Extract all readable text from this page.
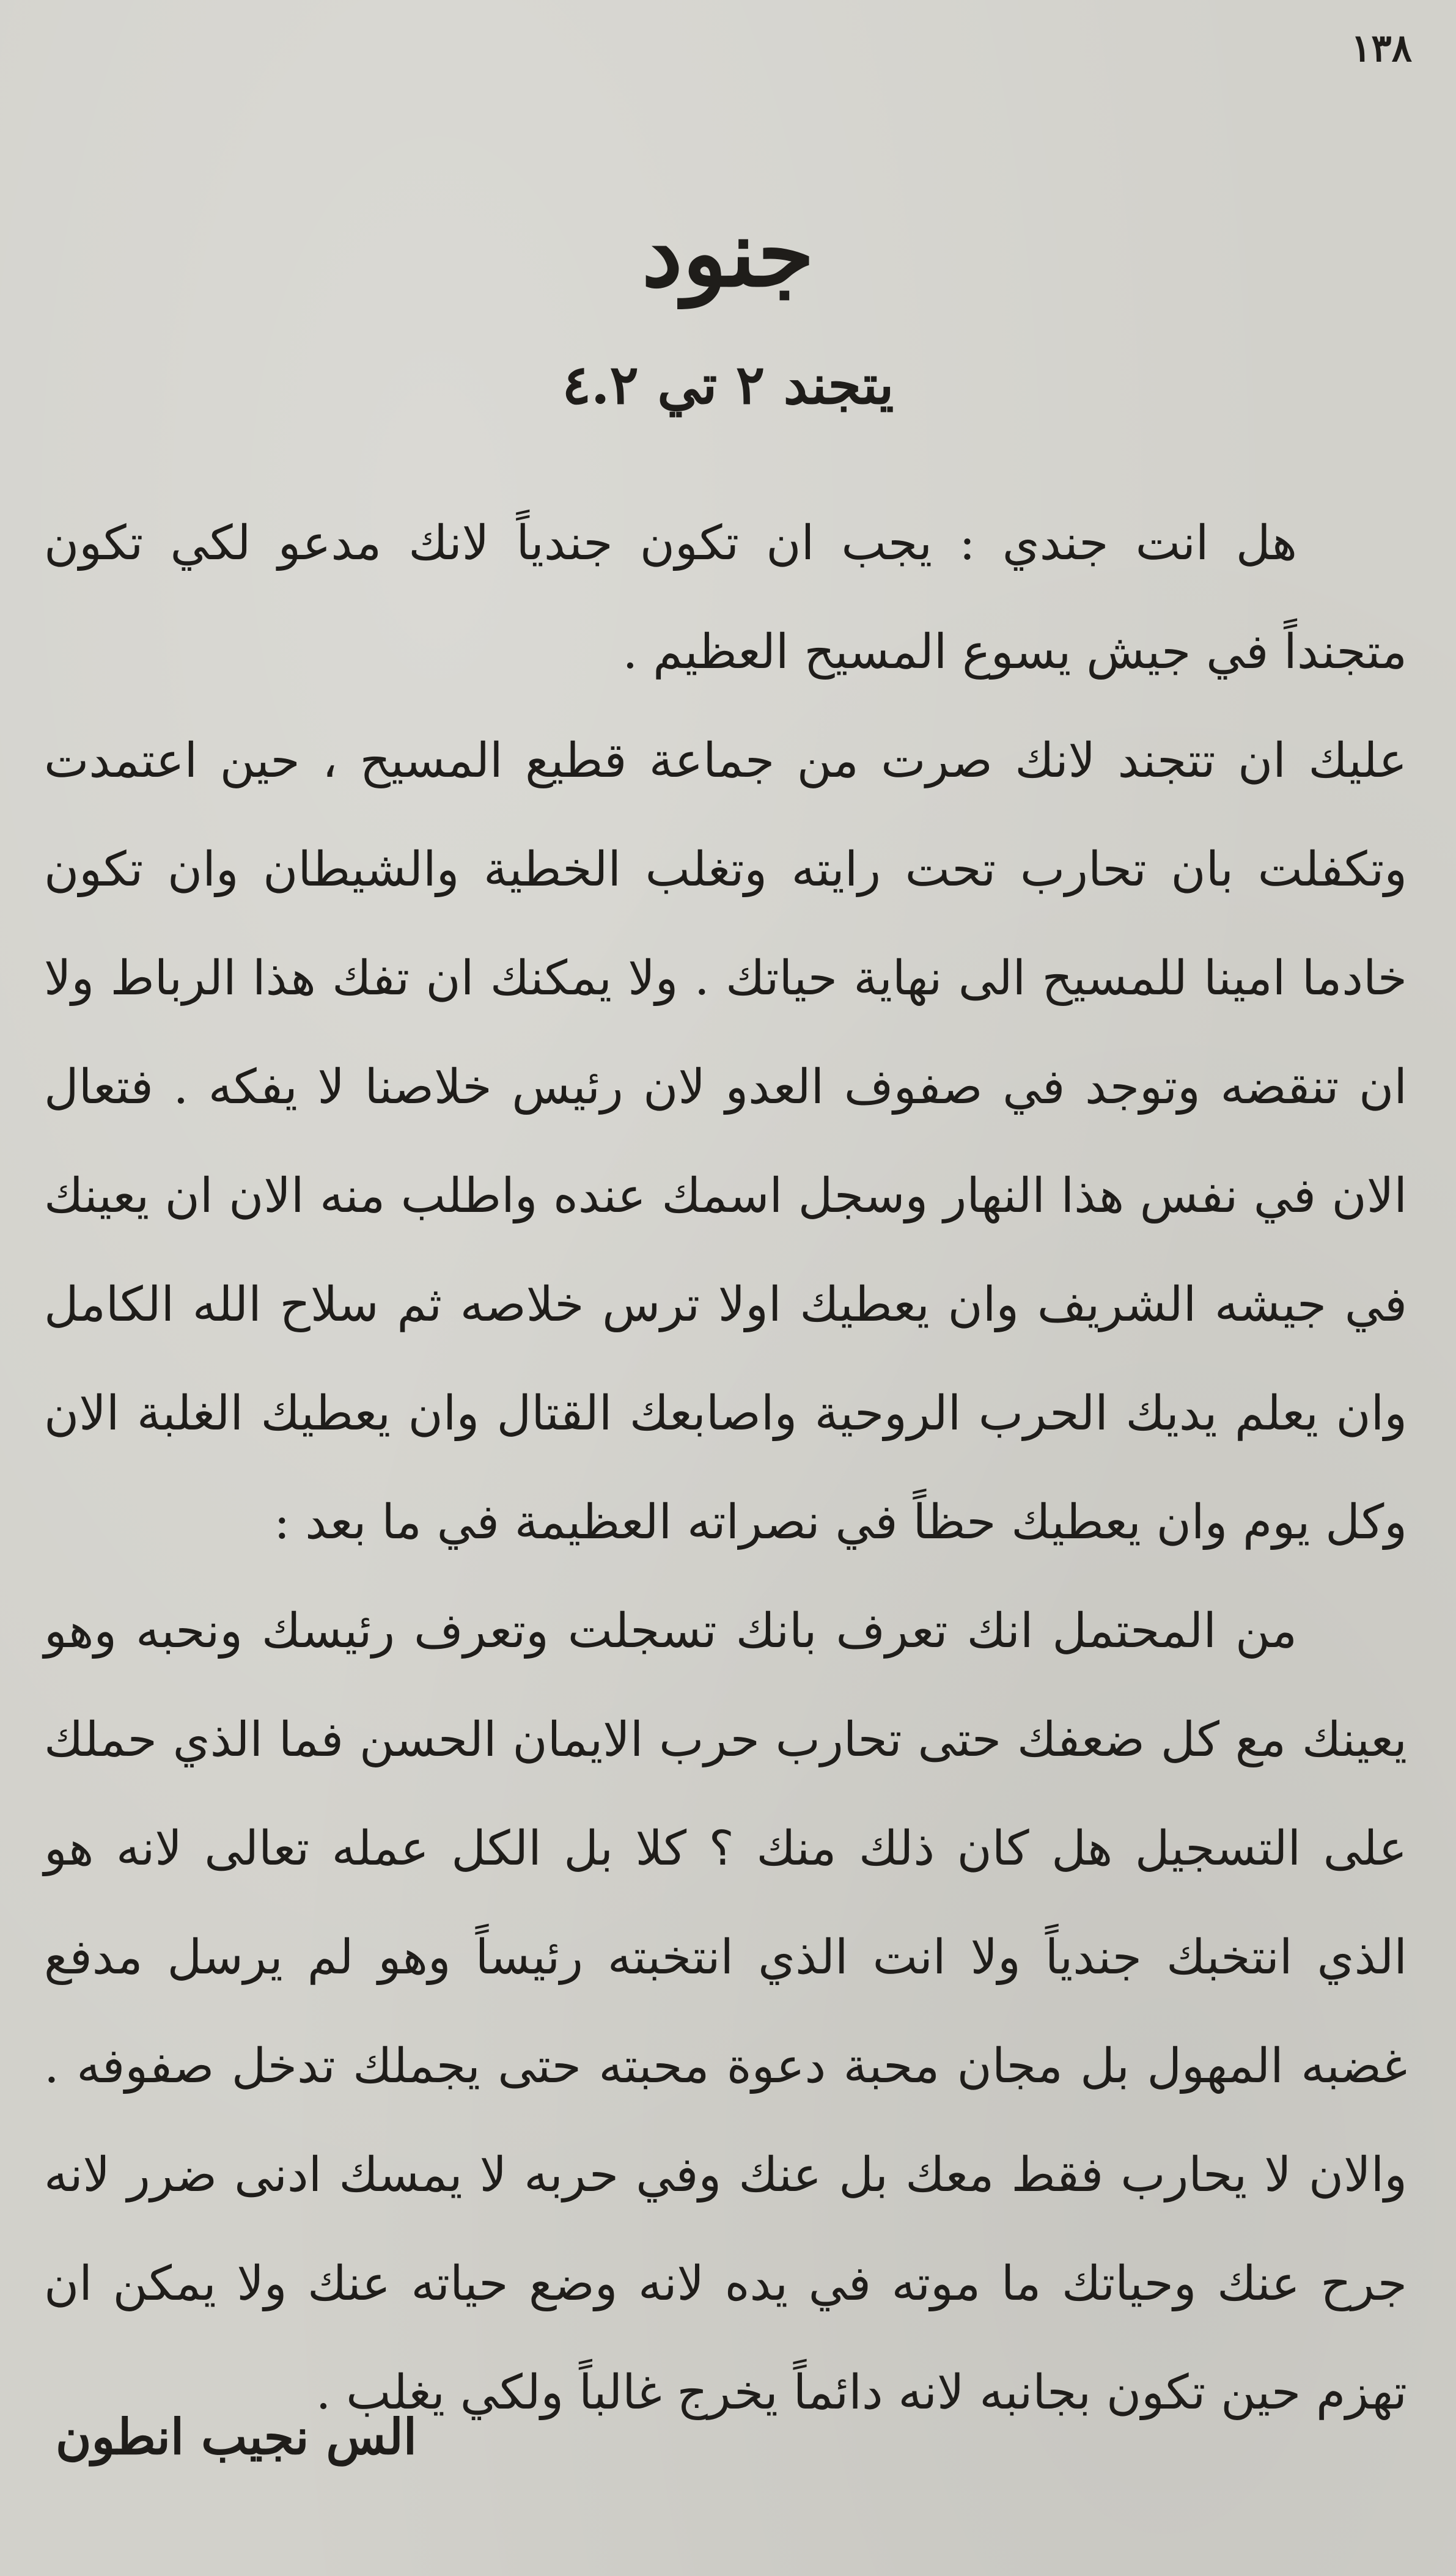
١٣٨
جنود
يتجند ٢ تي ٤.٢

هل انت جندي : يجب ان تكون جندياً لانك مدعو لكي تكون متجنداً في جيش يسوع المسيح العظيم .

عليك ان تتجند لانك صرت من جماعة قطيع المسيح ، حين اعتمدت وتكفلت بان تحارب تحت رايته وتغلب الخطية والشيطان وان تكون خادما امينا للمسيح الى نهاية حياتك . ولا يمكنك ان تفك هذا الرباط ولا ان تنقضه وتوجد في صفوف العدو لان رئيس خلاصنا لا يفكه . فتعال الان في نفس هذا النهار وسجل اسمك عنده واطلب منه الان ان يعينك في جيشه الشريف وان يعطيك اولا ترس خلاصه ثم سلاح الله الكامل وان يعلم يديك الحرب الروحية واصابعك القتال وان يعطيك الغلبة الان وكل يوم وان يعطيك حظاً في نصراته العظيمة في ما بعد :

من المحتمل انك تعرف بانك تسجلت وتعرف رئيسك ونحبه وهو يعينك مع كل ضعفك حتى تحارب حرب الايمان الحسن فما الذي حملك على التسجيل هل كان ذلك منك ؟ كلا بل الكل عمله تعالى لانه هو الذي انتخبك جندياً ولا انت الذي انتخبته رئيساً وهو لم يرسل مدفع غضبه المهول بل مجان محبة دعوة محبته حتى يجملك تدخل صفوفه . والان لا يحارب فقط معك بل عنك وفي حربه لا يمسك ادنى ضرر لانه جرح عنك وحياتك ما موته في يده لانه وضع حياته عنك ولا يمكن ان تهزم حين تكون بجانبه لانه دائماً يخرج غالباً ولكي يغلب .

الس نجيب انطون
